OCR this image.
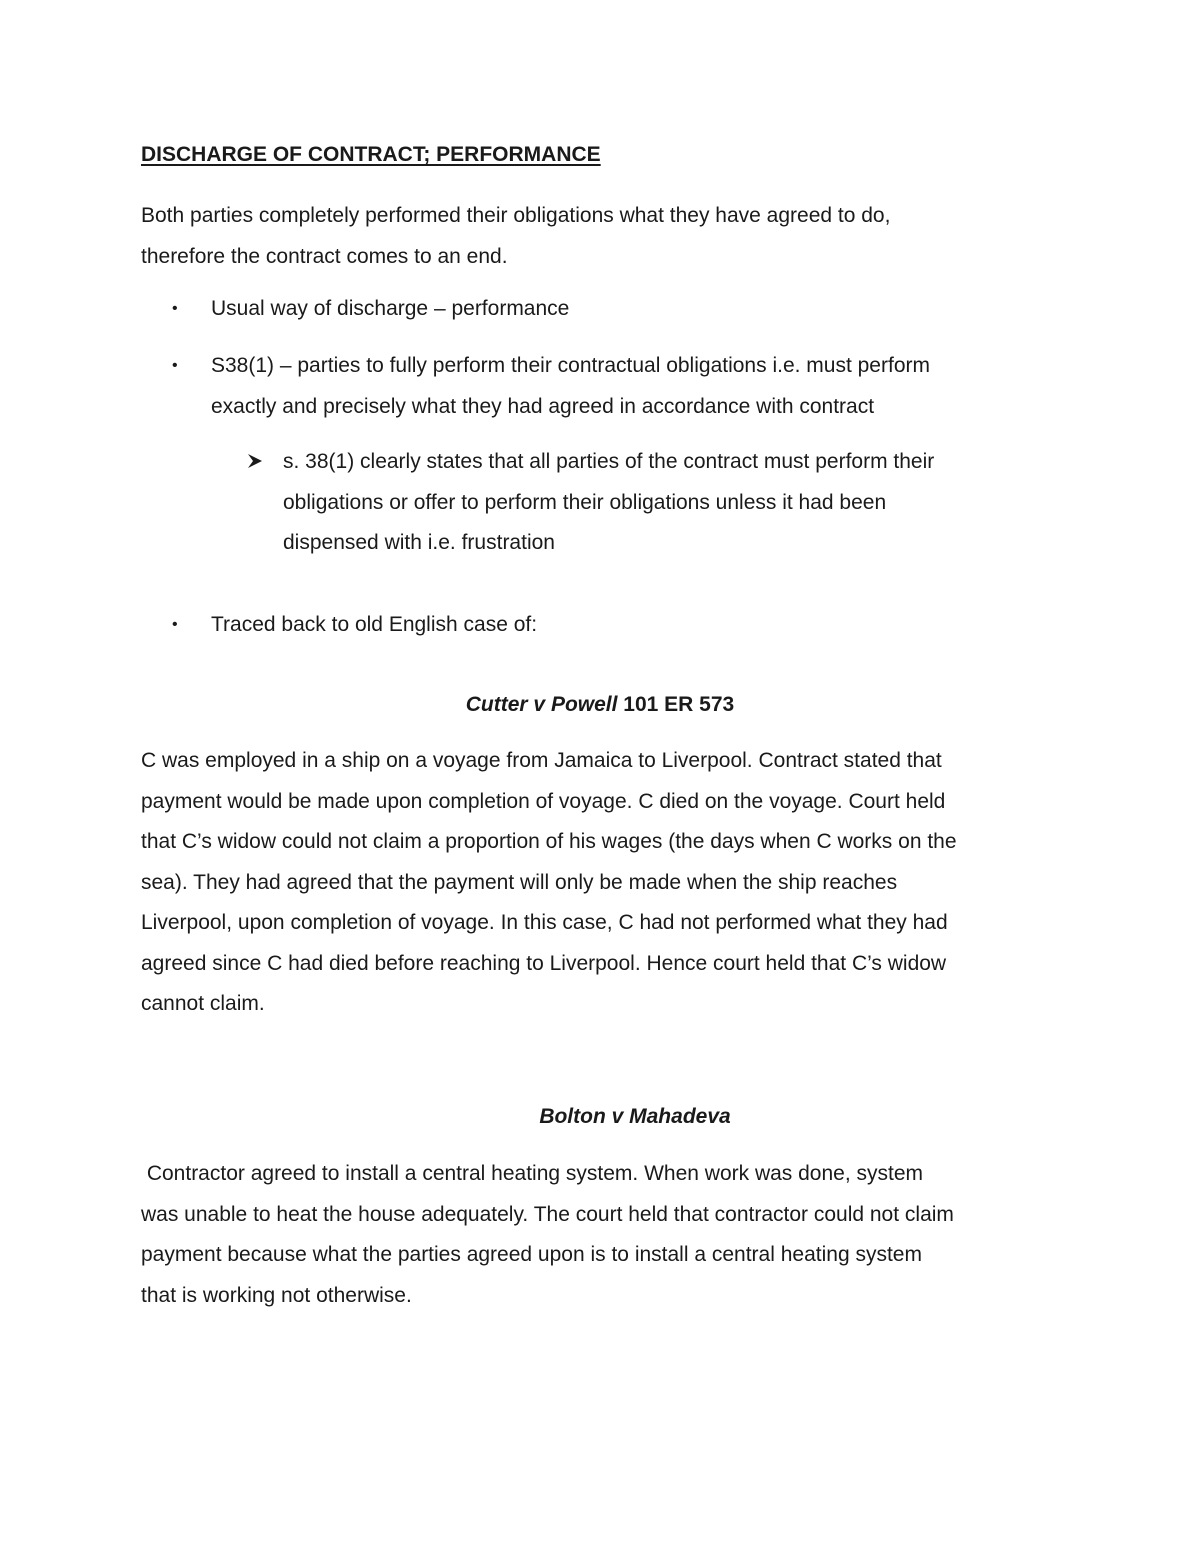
DISCHARGE OF CONTRACT; PERFORMANCE

Both parties completely performed their obligations what they have agreed to do,
therefore the contract comes to an end.

•	Usual way of discharge – performance
•	S38(1) – parties to fully perform their contractual obligations i.e. must perform
exactly and precisely what they had agreed in accordance with contract
s. 38(1) clearly states that all parties of the contract must perform their
obligations or offer to perform their obligations unless it had been
dispensed with i.e. frustration
•	Traced back to old English case of:

Cutter v Powell 101 ER 573

C was employed in a ship on a voyage from Jamaica to Liverpool. Contract stated that
payment would be made upon completion of voyage. C died on the voyage. Court held
that C’s widow could not claim a proportion of his wages (the days when C works on the
sea). They had agreed that the payment will only be made when the ship reaches
Liverpool, upon completion of voyage. In this case, C had not performed what they had
agreed since C had died before reaching to Liverpool. Hence court held that C’s widow
cannot claim.

Bolton v Mahadeva

Contractor agreed to install a central heating system. When work was done, system
was unable to heat the house adequately. The court held that contractor could not claim
payment because what the parties agreed upon is to install a central heating system
that is working not otherwise.
